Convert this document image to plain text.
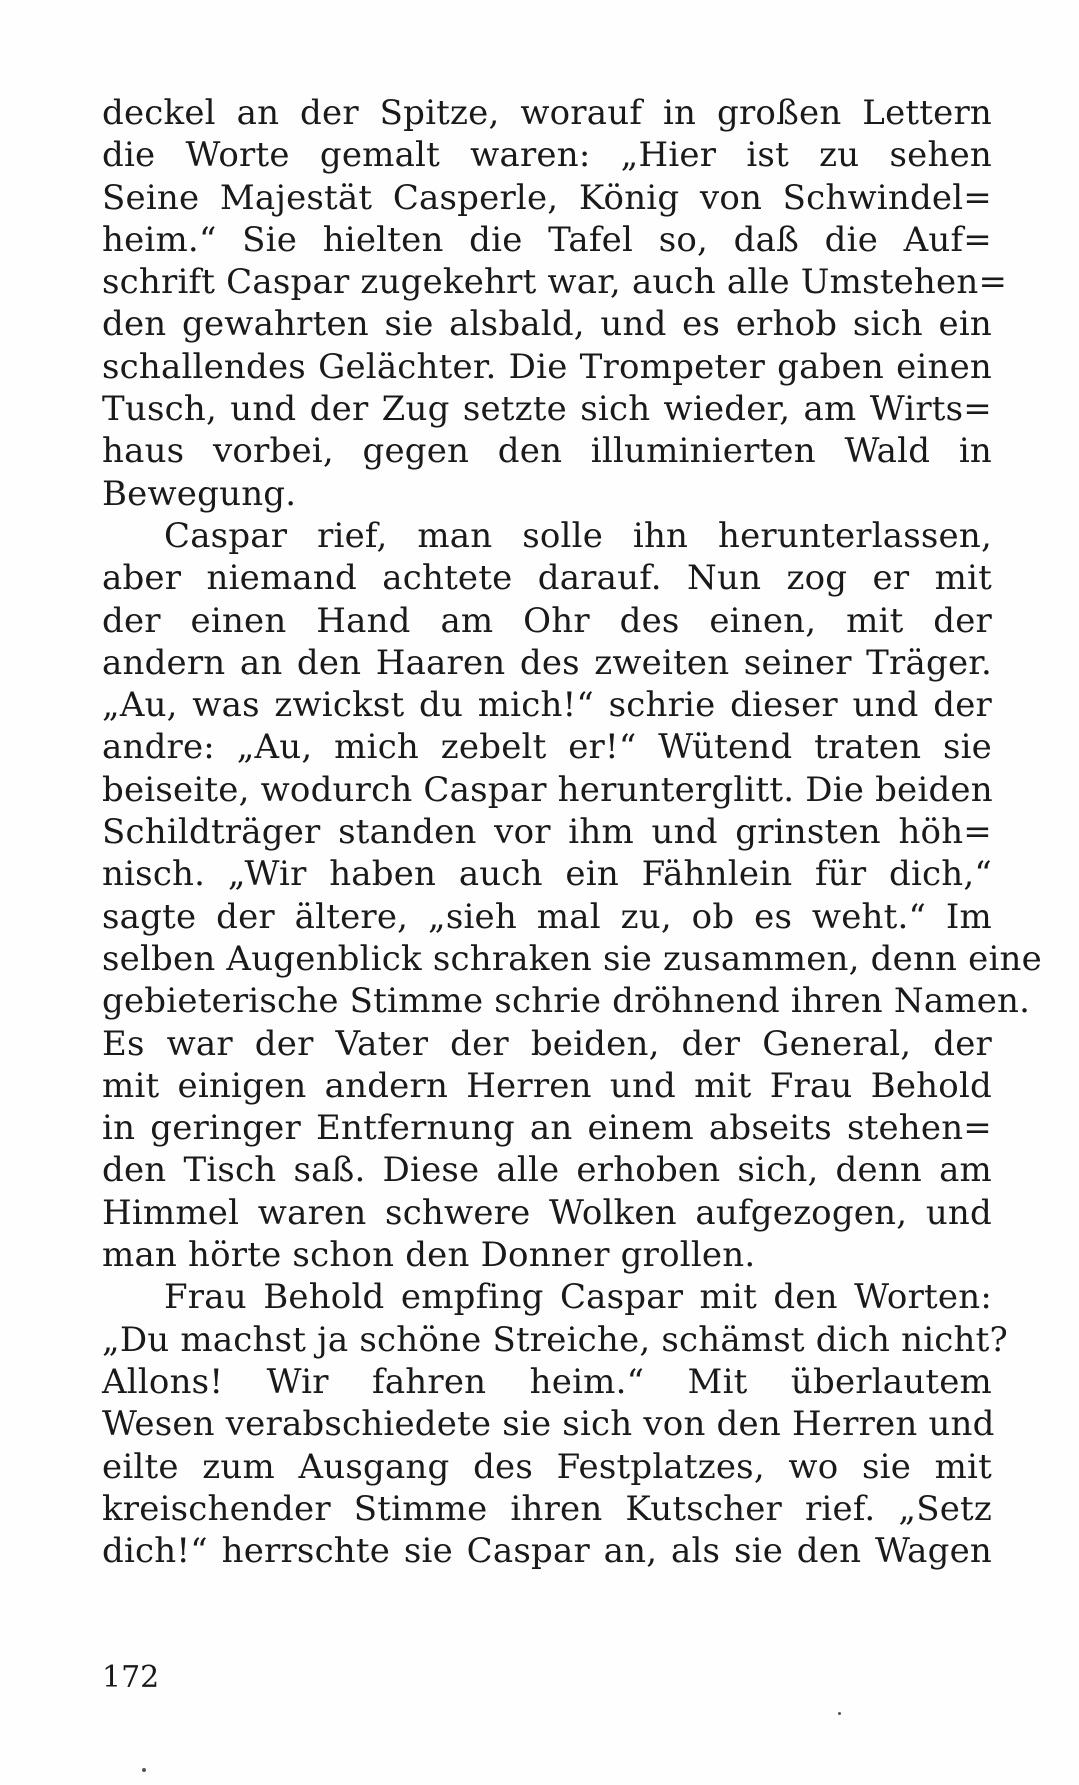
deckel an der Spitze, worauf in großen Lettern
die Worte gemalt waren: „Hier ist zu sehen
Seine Majestät Casperle, König von Schwindel=
heim.“ Sie hielten die Tafel so, daß die Auf=
schrift Caspar zugekehrt war, auch alle Umstehen=
den gewahrten sie alsbald, und es erhob sich ein
schallendes Gelächter. Die Trompeter gaben einen
Tusch, und der Zug setzte sich wieder, am Wirts=
haus vorbei, gegen den illuminierten Wald in
Bewegung.
Caspar rief, man solle ihn herunterlassen,
aber niemand achtete darauf. Nun zog er mit
der einen Hand am Ohr des einen, mit der
andern an den Haaren des zweiten seiner Träger.
„Au, was zwickst du mich!“ schrie dieser und der
andre: „Au, mich zebelt er!“ Wütend traten sie
beiseite, wodurch Caspar herunterglitt. Die beiden
Schildträger standen vor ihm und grinsten höh=
nisch. „Wir haben auch ein Fähnlein für dich,“
sagte der ältere, „sieh mal zu, ob es weht.“ Im
selben Augenblick schraken sie zusammen, denn eine
gebieterische Stimme schrie dröhnend ihren Namen.
Es war der Vater der beiden, der General, der
mit einigen andern Herren und mit Frau Behold
in geringer Entfernung an einem abseits stehen=
den Tisch saß. Diese alle erhoben sich, denn am
Himmel waren schwere Wolken aufgezogen, und
man hörte schon den Donner grollen.
Frau Behold empfing Caspar mit den Worten:
„Du machst ja schöne Streiche, schämst dich nicht?
Allons! Wir fahren heim.“ Mit überlautem
Wesen verabschiedete sie sich von den Herren und
eilte zum Ausgang des Festplatzes, wo sie mit
kreischender Stimme ihren Kutscher rief. „Setz
dich!“ herrschte sie Caspar an, als sie den Wagen
172
